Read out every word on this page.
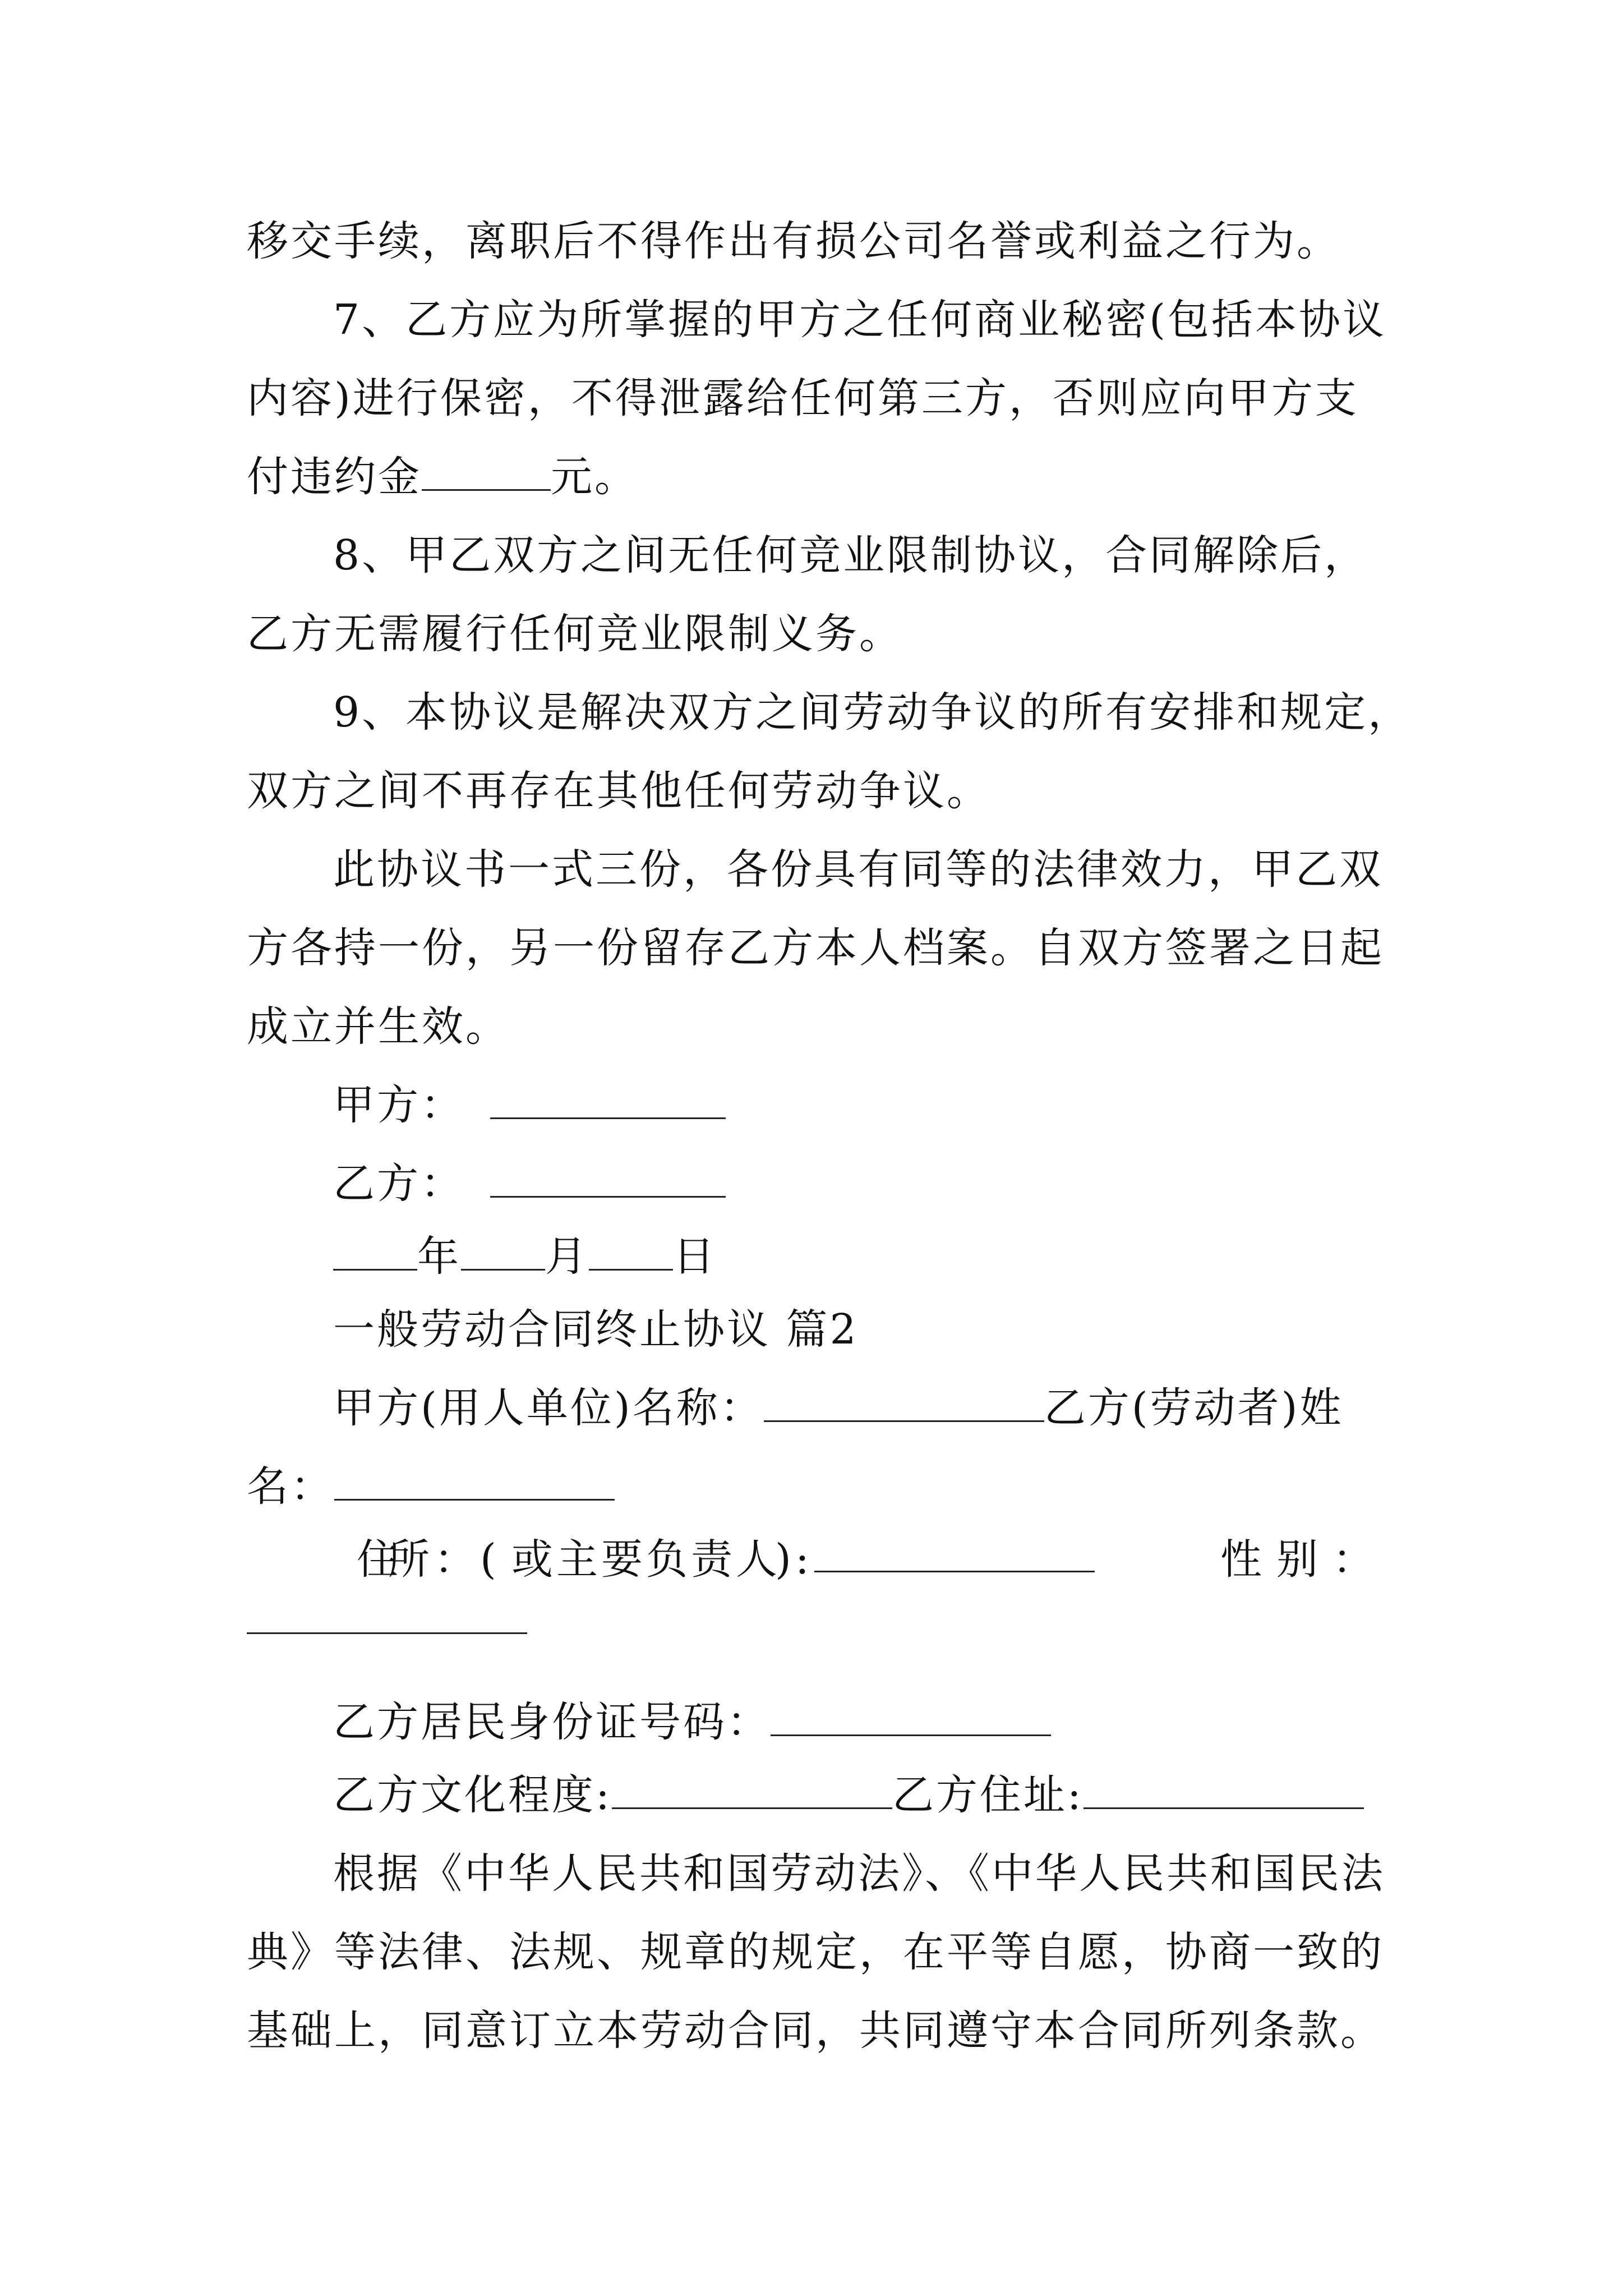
移交手续，离职后不得作出有损公司名誉或利益之行为。
7、乙方应为所掌握的甲方之任何商业秘密(包括本协议
内容)进行保密，不得泄露给任何第三方，否则应向甲方支
付违约金	元。
8、甲乙双方之间无任何竞业限制协议，合同解除后，
乙方无需履行任何竞业限制义务。
9、本协议是解决双方之间劳动争议的所有安排和规定，
双方之间不再存在其他任何劳动争议。
此协议书一式三份，各份具有同等的法律效力，甲乙双
方各持一份，另一份留存乙方本人档案。自双方签署之日起
成立并生效。
甲方：
乙方：
年 月 日
一般劳动合同终止协议 篇2
甲方(用人单位)名称：	乙方(劳动者)姓
名：
住
所 ： ( 或 主 要 负 责 人
) :	性 别 ：
乙方居民身份证号码：
乙方文化程度:	乙方住址:
根据《中华人民共和国劳动法》、《中华人民共和国民法
典》等法律、法规、规章的规定，在平等自愿，协商一致的
基础上，同意订立本劳动合同，共同遵守本合同所列条款。
